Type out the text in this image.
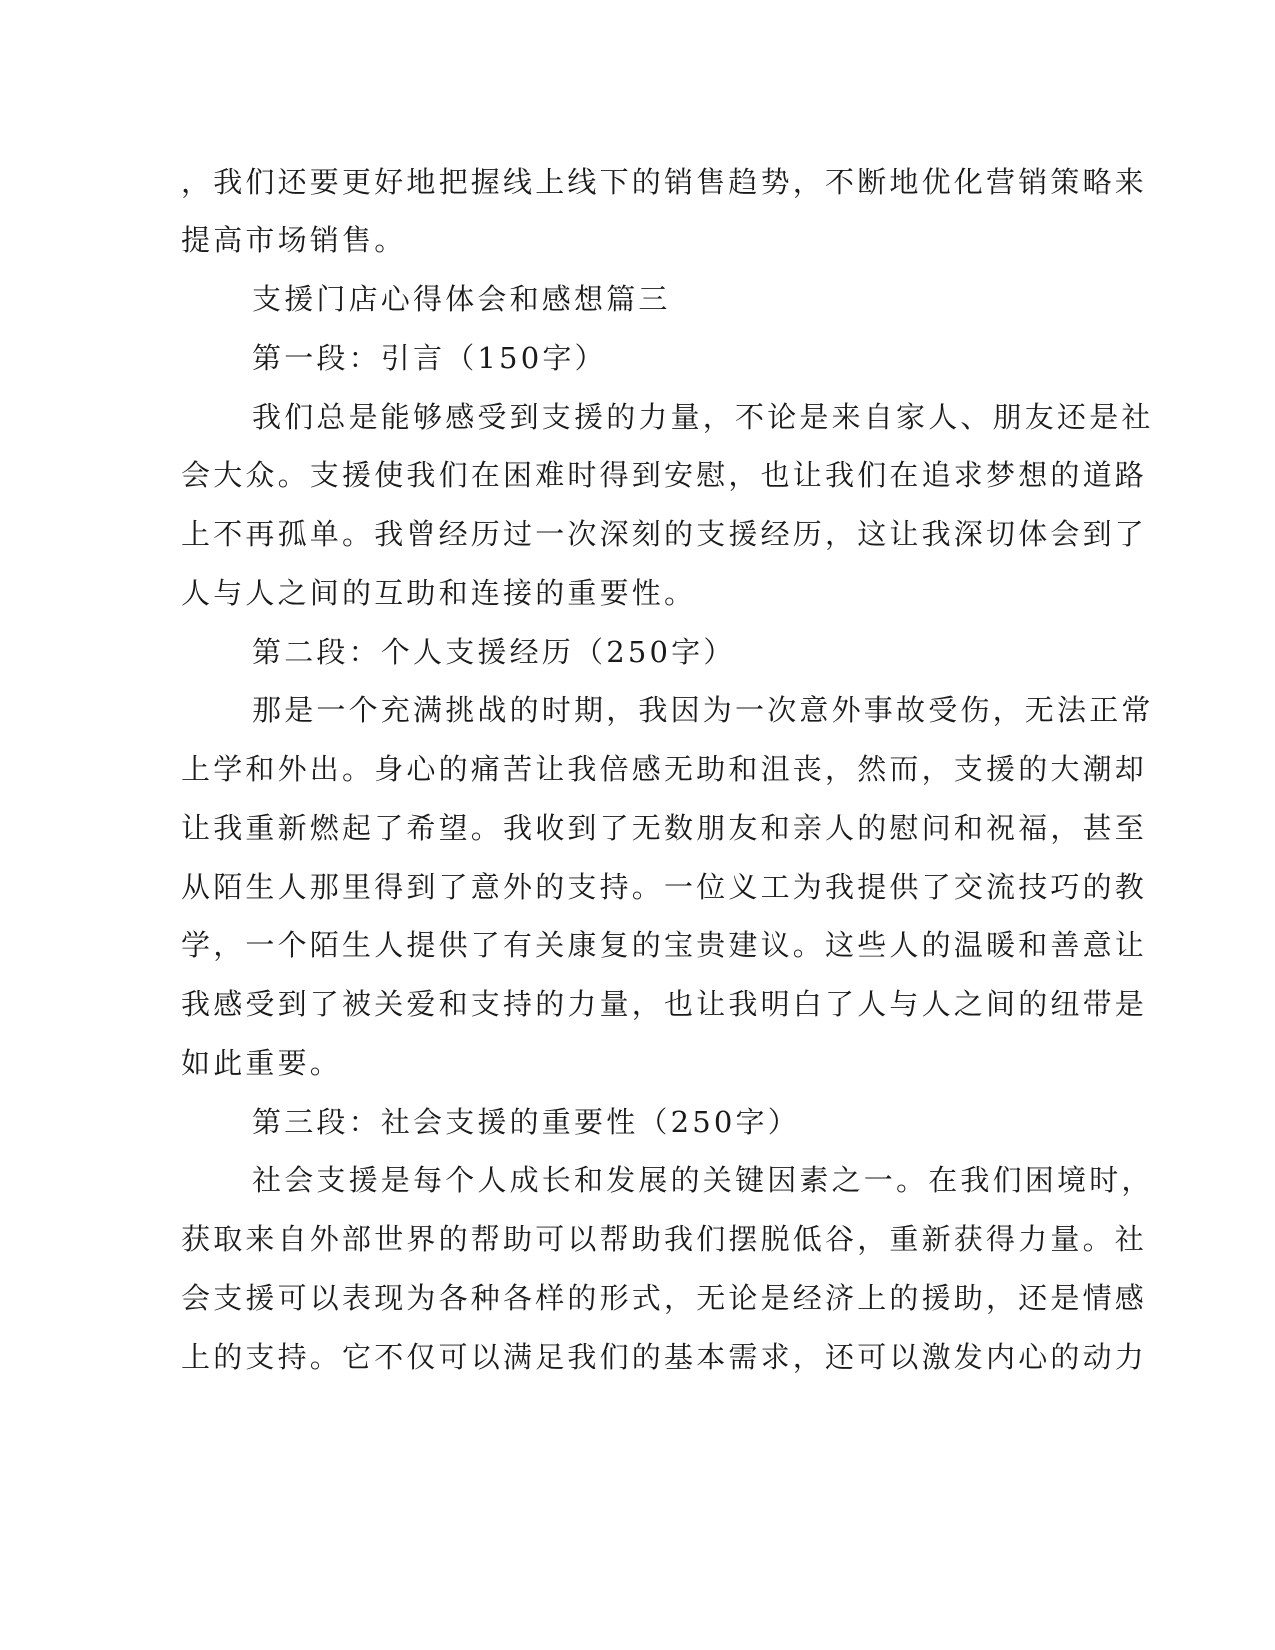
，我们还要更好地把握线上线下的销售趋势，不断地优化营销策略来
提高市场销售。
支援门店心得体会和感想篇三
第一段：引言（150字）
我们总是能够感受到支援的力量，不论是来自家人、朋友还是社
会大众。支援使我们在困难时得到安慰，也让我们在追求梦想的道路
上不再孤单。我曾经历过一次深刻的支援经历，这让我深切体会到了
人与人之间的互助和连接的重要性。
第二段：个人支援经历（250字）
那是一个充满挑战的时期，我因为一次意外事故受伤，无法正常
上学和外出。身心的痛苦让我倍感无助和沮丧，然而，支援的大潮却
让我重新燃起了希望。我收到了无数朋友和亲人的慰问和祝福，甚至
从陌生人那里得到了意外的支持。一位义工为我提供了交流技巧的教
学，一个陌生人提供了有关康复的宝贵建议。这些人的温暖和善意让
我感受到了被关爱和支持的力量，也让我明白了人与人之间的纽带是
如此重要。
第三段：社会支援的重要性（250字）
社会支援是每个人成长和发展的关键因素之一。在我们困境时，
获取来自外部世界的帮助可以帮助我们摆脱低谷，重新获得力量。社
会支援可以表现为各种各样的形式，无论是经济上的援助，还是情感
上的支持。它不仅可以满足我们的基本需求，还可以激发内心的动力
